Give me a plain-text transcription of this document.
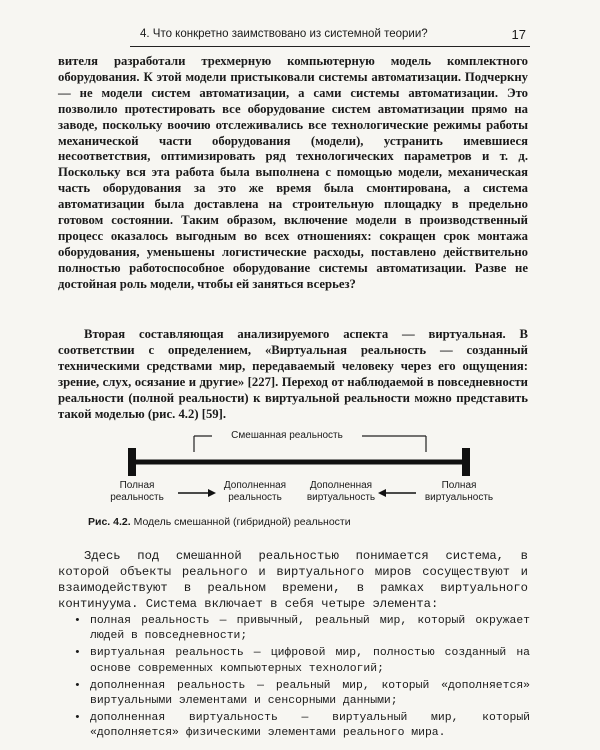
4. Что конкретно заимствовано из системной теории?	17

вителя разработали трехмерную компьютерную модель комплектного оборудования. К этой модели пристыковали системы автоматизации. Подчеркну — не модели систем автоматизации, а сами системы автоматизации. Это позволило протестировать все оборудование систем автоматизации прямо на заводе, поскольку воочию отслеживались все технологические режимы работы механической части оборудования (модели), устранить имевшиеся несоответствия, оптимизировать ряд технологических параметров и т. д. Поскольку вся эта работа была выполнена с помощью модели, механическая часть оборудования за это же время была смонтирована, а система автоматизации была доставлена на строительную площадку в предельно готовом состоянии. Таким образом, включение модели в производственный процесс оказалось выгодным во всех отношениях: сокращен срок монтажа оборудования, уменьшены логистические расходы, поставлено действительно полностью работоспособное оборудование системы автоматизации. Разве не достойная роль модели, чтобы ей заняться всерьез?

Вторая составляющая анализируемого аспекта — виртуальная. В соответствии с определением, «Виртуальная реальность — созданный техническими средствами мир, передаваемый человеку через его ощущения: зрение, слух, осязание и другие» [227]. Переход от наблюдаемой в повседневности реальности (полной реальности) к виртуальной реальности можно представить такой моделью (рис. 4.2) [59].

Смешанная реальность
Полная реальность
Дополненная реальность
Дополненная виртуальность
Полная виртуальность
Рис. 4.2. Модель смешанной (гибридной) реальности

Здесь под смешанной реальностью понимается система, в которой объекты реального и виртуального миров сосуществуют и взаимодействуют в реальном времени, в рамках виртуального континуума. Система включает в себя четыре элемента:

• полная реальность — привычный, реальный мир, который окружает людей в повседневности;
• виртуальная реальность — цифровой мир, полностью созданный на основе современных компьютерных технологий;
• дополненная реальность — реальный мир, который «дополняется» виртуальными элементами и сенсорными данными;
• дополненная виртуальность — виртуальный мир, который «дополняется» физическими элементами реального мира.
